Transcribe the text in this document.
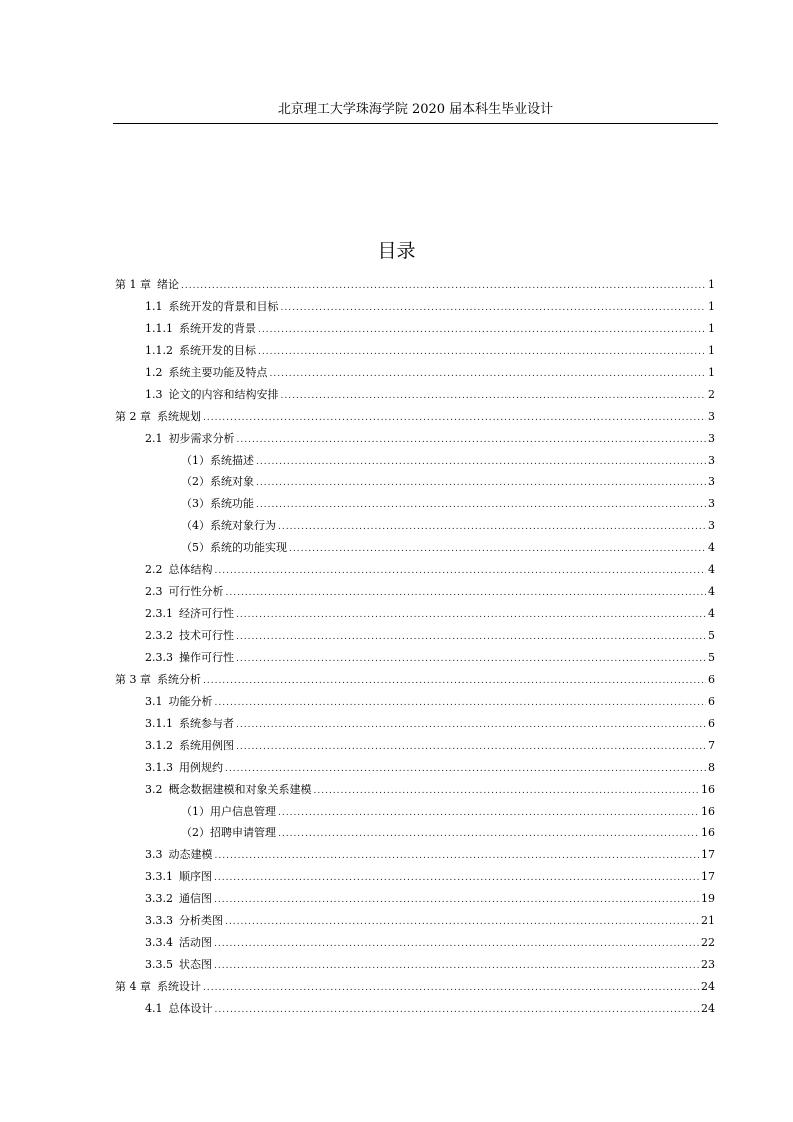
北京理工大学珠海学院 2020 届本科生毕业设计
目录
第 1 章 绪论 .....	1
1.1 系统开发的背景和目标 .....	1
1.1.1 系统开发的背景 .....	1
1.1.2 系统开发的目标 .....	1
1.2 系统主要功能及特点 .....	1
1.3 论文的内容和结构安排 .....	2
第 2 章 系统规划 .....	3
2.1 初步需求分析 .....	3
（1）系统描述 .....	3
（2）系统对象 .....	3
（3）系统功能 .....	3
（4）系统对象行为 .....	3
（5）系统的功能实现 .....	4
2.2 总体结构 .....	4
2.3 可行性分析 .....	4
2.3.1 经济可行性 .....	4
2.3.2 技术可行性 .....	5
2.3.3 操作可行性 .....	5
第 3 章 系统分析 .....	6
3.1 功能分析 .....	6
3.1.1 系统参与者 .....	6
3.1.2 系统用例图 .....	7
3.1.3 用例规约 .....	8
3.2 概念数据建模和对象关系建模 .....	16
（1）用户信息管理 .....	16
（2）招聘申请管理 .....	16
3.3 动态建模 .....	17
3.3.1 顺序图 .....	17
3.3.2 通信图 .....	19
3.3.3 分析类图 .....	21
3.3.4 活动图 .....	22
3.3.5 状态图 .....	23
第 4 章 系统设计 .....	24
4.1 总体设计 .....	24
